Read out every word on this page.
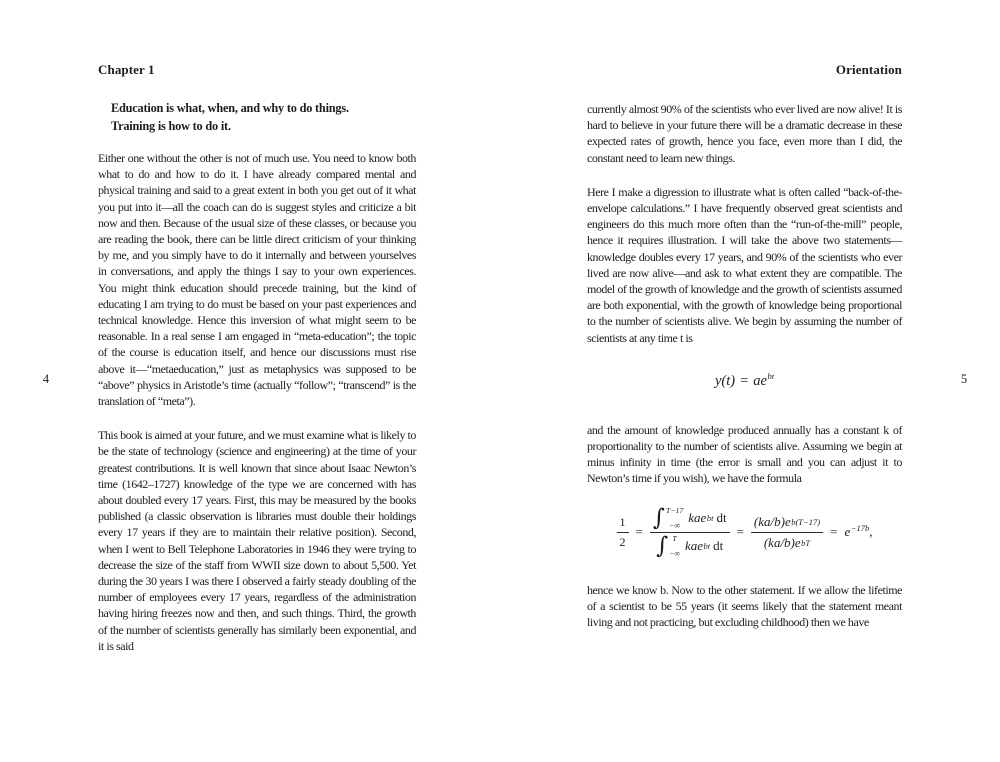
4
Chapter 1
Education is what, when, and why to do things.
Training is how to do it.
Either one without the other is not of much use. You need to know both what to do and how to do it. I have already compared mental and physical training and said to a great extent in both you get out of it what you put into it—all the coach can do is suggest styles and criticize a bit now and then. Because of the usual size of these classes, or because you are reading the book, there can be little direct criticism of your thinking by me, and you simply have to do it internally and between yourselves in conversations, and apply the things I say to your own experiences. You might think education should precede training, but the kind of educating I am trying to do must be based on your past experiences and technical knowledge. Hence this inversion of what might seem to be reasonable. In a real sense I am engaged in “meta-education”; the topic of the course is education itself, and hence our discussions must rise above it—“metaeducation,” just as metaphysics was supposed to be “above” physics in Aristotle’s time (actually “follow”; “transcend” is the translation of “meta”).
This book is aimed at your future, and we must examine what is likely to be the state of technology (science and engineering) at the time of your greatest contributions. It is well known that since about Isaac Newton’s time (1642–1727) knowledge of the type we are concerned with has about doubled every 17 years. First, this may be measured by the books published (a classic observation is libraries must double their holdings every 17 years if they are to maintain their relative position). Second, when I went to Bell Telephone Laboratories in 1946 they were trying to decrease the size of the staff from WWII size down to about 5,500. Yet during the 30 years I was there I observed a fairly steady doubling of the number of employees every 17 years, regardless of the administration having hiring freezes now and then, and such things. Third, the growth of the number of scientists generally has similarly been exponential, and it is said
5
Orientation
currently almost 90% of the scientists who ever lived are now alive! It is hard to believe in your future there will be a dramatic decrease in these expected rates of growth, hence you face, even more than I did, the constant need to learn new things.
Here I make a digression to illustrate what is often called “back-of-the-envelope calculations.” I have frequently observed great scientists and engineers do this much more often than the “run-of-the-mill” people, hence it requires illustration. I will take the above two statements—knowledge doubles every 17 years, and 90% of the scientists who ever lived are now alive—and ask to what extent they are compatible. The model of the growth of knowledge and the growth of scientists assumed are both exponential, with the growth of knowledge being proportional to the number of scientists alive. We begin by assuming the number of scientists at any time t is
$y(t) = ae^{bt}$
and the amount of knowledge produced annually has a constant k of proportionality to the number of scientists alive. Assuming we begin at minus infinity in time (the error is small and you can adjust it to Newton’s time if you wish), we have the formula
$\frac{1}{2}$ =
∫ T−17
−∞
kae bt dt
∫ T
−∞
kae bt dt
= $\frac{\text{(ka/b)e b(T−17)}}{\text{(ka/b)e bT}} = e^{-17b}$,
hence we know b. Now to the other statement. If we allow the lifetime of a scientist to be 55 years (it seems likely that the statement meant living and not practicing, but excluding childhood) then we have
